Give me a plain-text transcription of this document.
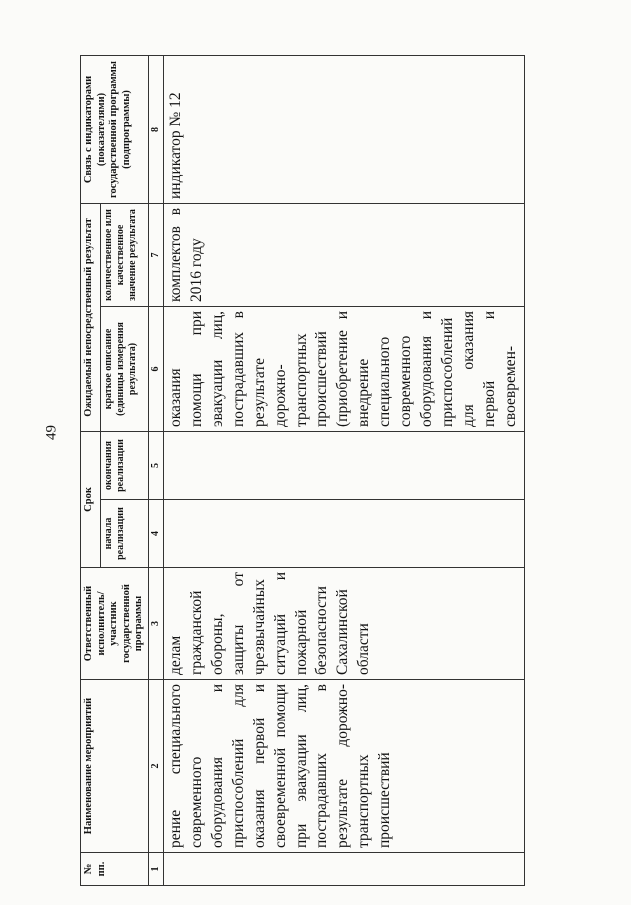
49
№ пп.	Наименование мероприятий	Ответственный исполнитель/ участник государственной программы	Срок		Ожидаемый непосредственный результат		Связь с индикаторами (показателями) государственной программы (подпрограммы)
			начала реализации	окончания реализации	краткое описание (единицы измерения результата)	количественное или качественное значение результата	
1	2	3	4	5	6	7	8
	рение специального современного оборудования и приспособлений для оказания первой и своевременной помощи при эвакуации лиц, пострадавших в результате дорожно-транспортных происшествий	делам гражданской обороны, защиты от чрезвычайных ситуаций и пожарной безопасности Сахалинской области			оказания помощи при эвакуации лиц, пострадавших в результате дорожно-транспортных происшествий (приобретение и внедрение специального современного оборудования и приспособлений для оказания первой и своевремен-	комплектов в 2016 году	индикатор № 12
